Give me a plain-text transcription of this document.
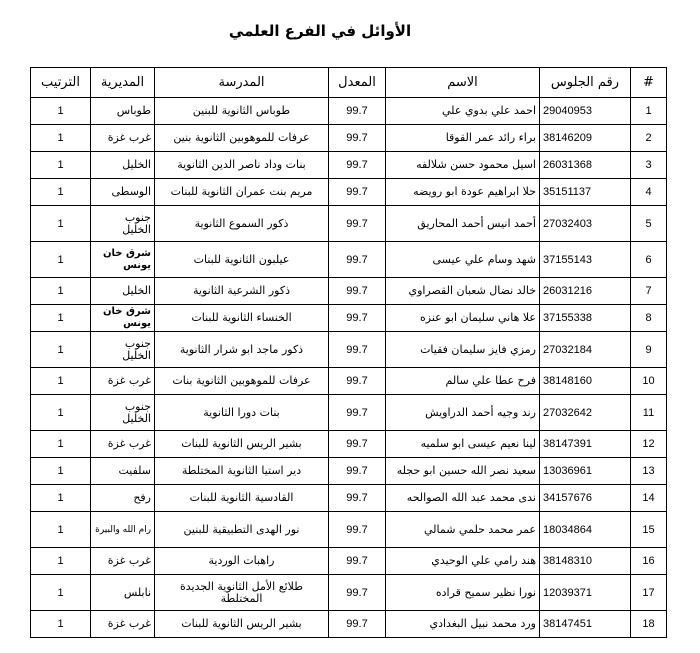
الأوائل في الفرع العلمي
الترتيب	المديرية	المدرسة	المعدل	الاسم	رقم الجلوس	#
1	طوباس	طوباس الثانوية للبنين	99.7	احمد علي بدوي علي	29040953	1
1	غرب غزة	عرفات للموهوبين الثانوية بنين	99.7	براء رائد عمر القوقا	38146209	2
1	الخليل	بنات وداد ناصر الدين الثانوية	99.7	اسيل محمود حسن شلالفه	26031368	3
1	الوسطى	مريم بنت عمران الثانوية للبنات	99.7	حلا ابراهيم عودة ابو رويضه	35151137	4
1	جنوب الخليل	ذكور السموع الثانوية	99.7	أحمد انيس أحمد المحاريق	27032403	5
1	شرق خان يونس	عيلبون الثانوية للبنات	99.7	شهد وسام علي عيسى	37155143	6
1	الخليل	ذكور الشرعية الثانوية	99.7	خالد نضال شعبان القصراوي	26031216	7
1	شرق خان يونس	الخنساء الثانوية للبنات	99.7	علا هاني سليمان ابو عنزه	37155338	8
1	جنوب الخليل	ذكور ماجد ابو شرار الثانوية	99.7	رمزي فايز سليمان فقيات	27032184	9
1	غرب غزة	عرفات للموهوبين الثانوية بنات	99.7	فرح عطا علي سالم	38148160	10
1	جنوب الخليل	بنات دورا الثانوية	99.7	رند وجيه أحمد الدراويش	27032642	11
1	غرب غزة	بشير الريس الثانوية للبنات	99.7	لينا نعيم عيسى ابو سلميه	38147391	12
1	سلفيت	دير استيا الثانوية المختلطة	99.7	سعيد نصر الله حسين ابو حجله	13036961	13
1	رفح	القادسية الثانوية للبنات	99.7	ندى محمد عبد الله الصوالحه	34157676	14
1	رام الله والبيرة	نور الهدى التطبيقية للبنين	99.7	عمر محمد حلمي شمالي	18034864	15
1	غرب غزة	راهبات الوردية	99.7	هند رامي علي الوحيدي	38148310	16
1	نابلس	طلائع الأمل الثانوية الجديدة المختلطة	99.7	نورا نظير سميح قراده	12039371	17
1	غرب غزة	بشير الريس الثانوية للبنات	99.7	ورد محمد نبيل البغدادي	38147451	18
